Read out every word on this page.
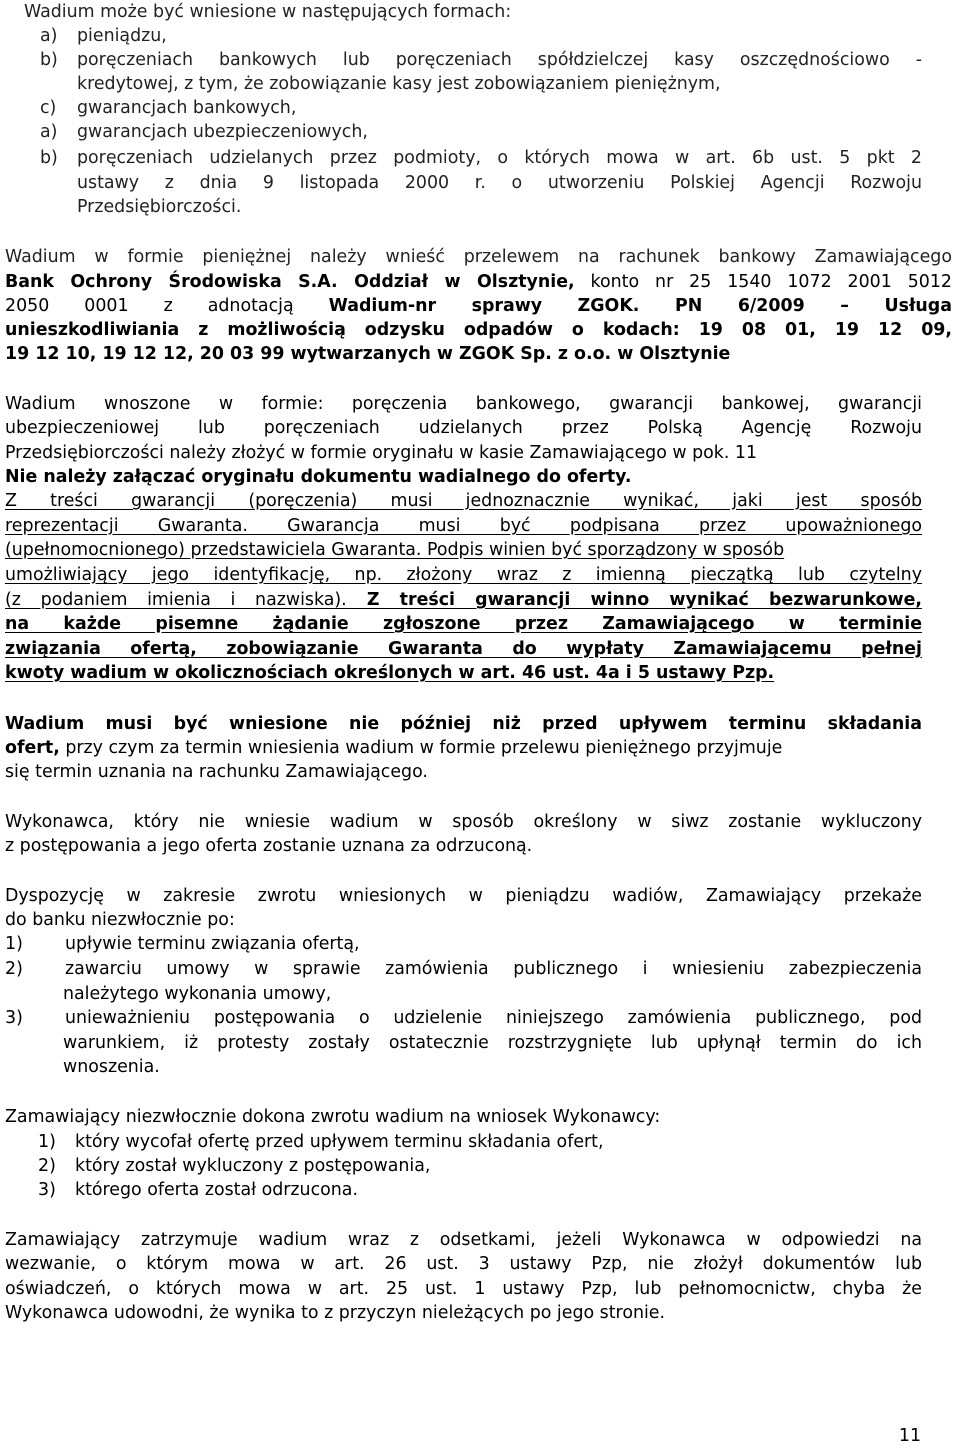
Wadium może być wniesione w następujących formach:
a) pieniądzu,
b) poręczeniach bankowych lub poręczeniach spółdzielczej kasy oszczędnościowo -
kredytowej, z tym, że zobowiązanie kasy jest zobowiązaniem pieniężnym,
c) gwarancjach bankowych,
a) gwarancjach ubezpieczeniowych,
b) poręczeniach udzielanych przez podmioty, o których mowa w art. 6b ust. 5 pkt 2
ustawy z dnia 9 listopada 2000 r. o utworzeniu Polskiej Agencji Rozwoju
Przedsiębiorczości.
Wadium w formie pieniężnej należy wnieść przelewem na rachunek bankowy Zamawiającego
Bank Ochrony Środowiska S.A. Oddział w Olsztynie, konto nr 25 1540 1072 2001 5012
2050 0001 z adnotacją Wadium-nr sprawy ZGOK. PN 6/2009 – Usługa
unieszkodliwiania z możliwością odzysku odpadów o kodach: 19 08 01, 19 12 09,
19 12 10, 19 12 12, 20 03 99 wytwarzanych w ZGOK Sp. z o.o. w Olsztynie
Wadium wnoszone w formie: poręczenia bankowego, gwarancji bankowej, gwarancji
ubezpieczeniowej lub poręczeniach udzielanych przez Polską Agencję Rozwoju
Przedsiębiorczości należy złożyć w formie oryginału w kasie Zamawiającego w pok. 11
Nie należy załączać oryginału dokumentu wadialnego do oferty.
Z treści gwarancji (poręczenia) musi jednoznacznie wynikać, jaki jest sposób
reprezentacji Gwaranta. Gwarancja musi być podpisana przez upoważnionego
(upełnomocnionego) przedstawiciela Gwaranta. Podpis winien być sporządzony w sposób
umożliwiający jego identyfikację, np. złożony wraz z imienną pieczątką lub czytelny
(z podaniem imienia i nazwiska). Z treści gwarancji winno wynikać bezwarunkowe,
na każde pisemne żądanie zgłoszone przez Zamawiającego w terminie
związania ofertą, zobowiązanie Gwaranta do wypłaty Zamawiającemu pełnej
kwoty wadium w okolicznościach określonych w art. 46 ust. 4a i 5 ustawy Pzp.
Wadium musi być wniesione nie później niż przed upływem terminu składania
ofert, przy czym za termin wniesienia wadium w formie przelewu pieniężnego przyjmuje
się termin uznania na rachunku Zamawiającego.
Wykonawca, który nie wniesie wadium w sposób określony w siwz zostanie wykluczony
z postępowania a jego oferta zostanie uznana za odrzuconą.
Dyspozycję w zakresie zwrotu wniesionych w pieniądzu wadiów, Zamawiający przekaże
do banku niezwłocznie po:
1) upływie terminu związania ofertą,
2) zawarciu umowy w sprawie zamówienia publicznego i wniesieniu zabezpieczenia
należytego wykonania umowy,
3) unieważnieniu postępowania o udzielenie niniejszego zamówienia publicznego, pod
warunkiem, iż protesty zostały ostatecznie rozstrzygnięte lub upłynął termin do ich
wnoszenia.
Zamawiający niezwłocznie dokona zwrotu wadium na wniosek Wykonawcy:
1) który wycofał ofertę przed upływem terminu składania ofert,
2) który został wykluczony z postępowania,
3) którego oferta został odrzucona.
Zamawiający zatrzymuje wadium wraz z odsetkami, jeżeli Wykonawca w odpowiedzi na
wezwanie, o którym mowa w art. 26 ust. 3 ustawy Pzp, nie złożył dokumentów lub
oświadczeń, o których mowa w art. 25 ust. 1 ustawy Pzp, lub pełnomocnictw, chyba że
Wykonawca udowodni, że wynika to z przyczyn nieleżących po jego stronie.
11
